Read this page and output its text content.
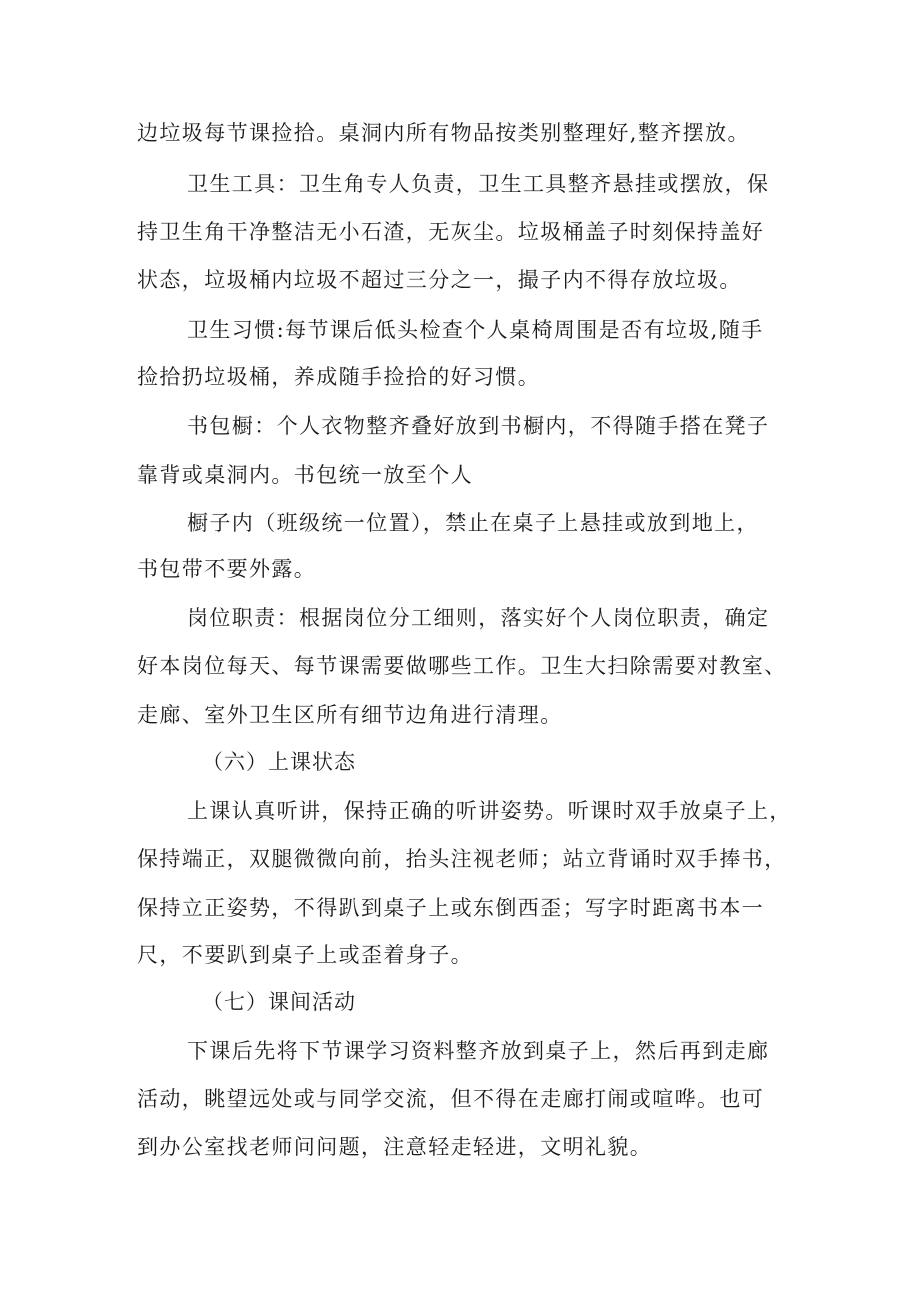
边垃圾每节课捡拾。桌洞内所有物品按类别整理好,整齐摆放。
卫生工具：卫生角专人负责，卫生工具整齐悬挂或摆放，保
持卫生角干净整洁无小石渣，无灰尘。垃圾桶盖子时刻保持盖好
状态，垃圾桶内垃圾不超过三分之一，撮子内不得存放垃圾。
卫生习惯:每节课后低头检查个人桌椅周围是否有垃圾,随手
捡拾扔垃圾桶，养成随手捡拾的好习惯。
书包橱：个人衣物整齐叠好放到书橱内，不得随手搭在凳子
靠背或桌洞内。书包统一放至个人
橱子内（班级统一位置），禁止在桌子上悬挂或放到地上，
书包带不要外露。
岗位职责：根据岗位分工细则，落实好个人岗位职责，确定
好本岗位每天、每节课需要做哪些工作。卫生大扫除需要对教室、
走廊、室外卫生区所有细节边角进行清理。
（六）上课状态
上课认真听讲，保持正确的听讲姿势。听课时双手放桌子上，
保持端正，双腿微微向前，抬头注视老师；站立背诵时双手捧书，
保持立正姿势，不得趴到桌子上或东倒西歪；写字时距离书本一
尺，不要趴到桌子上或歪着身子。
（七）课间活动
下课后先将下节课学习资料整齐放到桌子上，然后再到走廊
活动，眺望远处或与同学交流，但不得在走廊打闹或喧哗。也可
到办公室找老师问问题，注意轻走轻进，文明礼貌。
